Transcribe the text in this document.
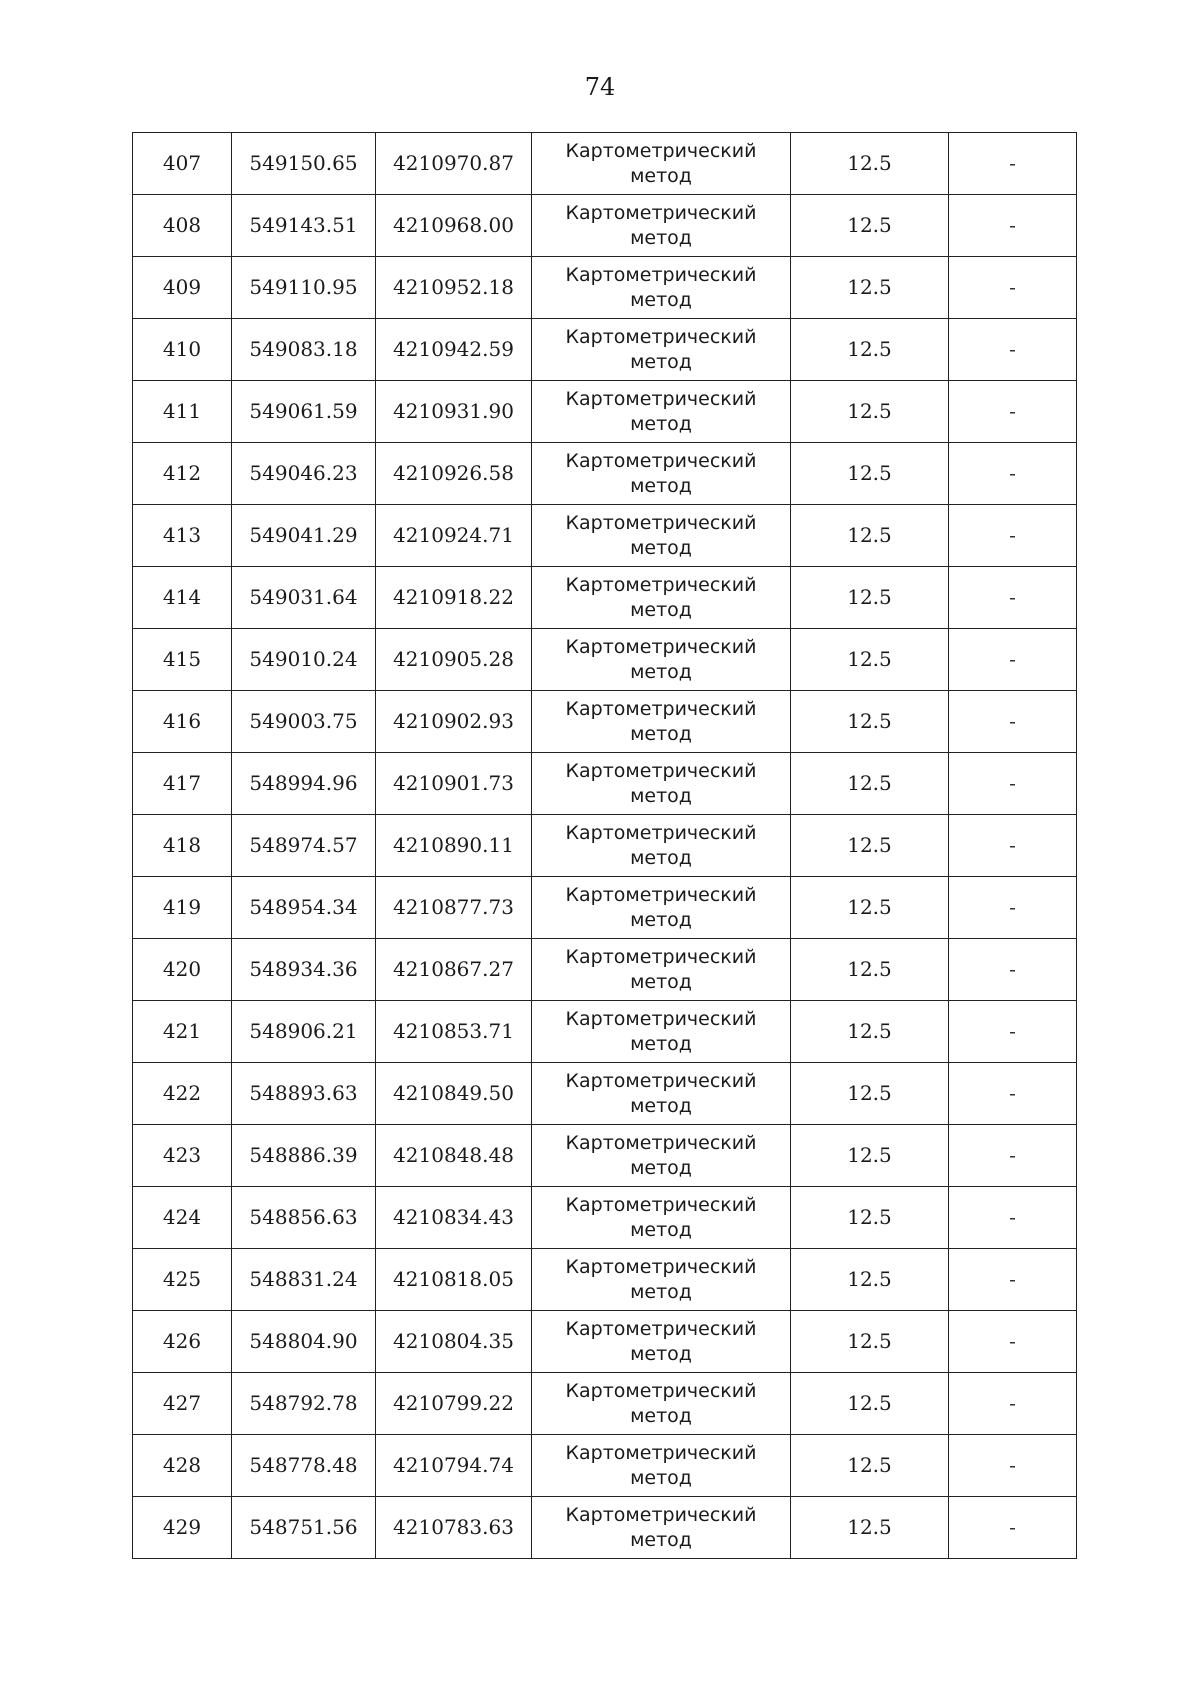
74
407	549150.65	4210970.87	Картометрический метод	12.5	-
408	549143.51	4210968.00	Картометрический метод	12.5	-
409	549110.95	4210952.18	Картометрический метод	12.5	-
410	549083.18	4210942.59	Картометрический метод	12.5	-
411	549061.59	4210931.90	Картометрический метод	12.5	-
412	549046.23	4210926.58	Картометрический метод	12.5	-
413	549041.29	4210924.71	Картометрический метод	12.5	-
414	549031.64	4210918.22	Картометрический метод	12.5	-
415	549010.24	4210905.28	Картометрический метод	12.5	-
416	549003.75	4210902.93	Картометрический метод	12.5	-
417	548994.96	4210901.73	Картометрический метод	12.5	-
418	548974.57	4210890.11	Картометрический метод	12.5	-
419	548954.34	4210877.73	Картометрический метод	12.5	-
420	548934.36	4210867.27	Картометрический метод	12.5	-
421	548906.21	4210853.71	Картометрический метод	12.5	-
422	548893.63	4210849.50	Картометрический метод	12.5	-
423	548886.39	4210848.48	Картометрический метод	12.5	-
424	548856.63	4210834.43	Картометрический метод	12.5	-
425	548831.24	4210818.05	Картометрический метод	12.5	-
426	548804.90	4210804.35	Картометрический метод	12.5	-
427	548792.78	4210799.22	Картометрический метод	12.5	-
428	548778.48	4210794.74	Картометрический метод	12.5	-
429	548751.56	4210783.63	Картометрический метод	12.5	-
